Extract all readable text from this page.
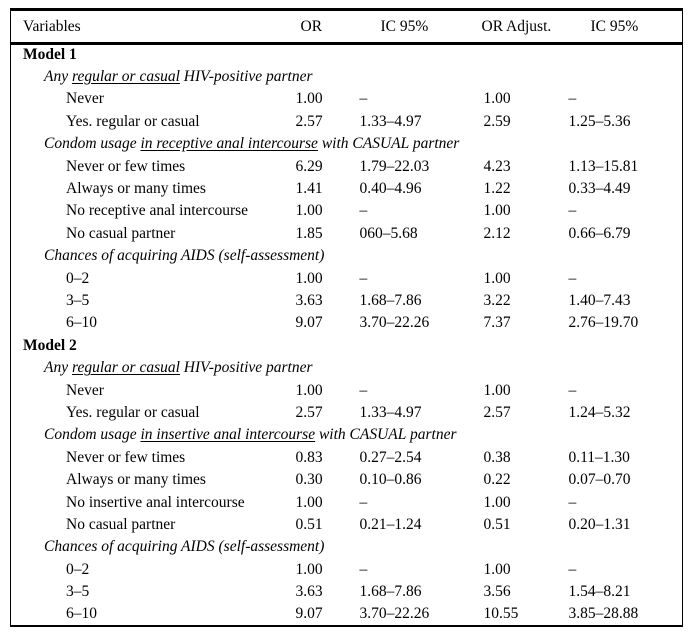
Variables	OR	IC 95%	OR Adjust.	IC 95%
Model 1				
Any regular or casual HIV-positive partner				
Never	1.00	–	1.00	–
Yes. regular or casual	2.57	1.33–4.97	2.59	1.25–5.36
Condom usage in receptive anal intercourse with CASUAL partner				
Never or few times	6.29	1.79–22.03	4.23	1.13–15.81
Always or many times	1.41	0.40–4.96	1.22	0.33–4.49
No receptive anal intercourse	1.00	–	1.00	–
No casual partner	1.85	060–5.68	2.12	0.66–6.79
Chances of acquiring AIDS (self-assessment)				
0–2	1.00	–	1.00	–
3–5	3.63	1.68–7.86	3.22	1.40–7.43
6–10	9.07	3.70–22.26	7.37	2.76–19.70
Model 2				
Any regular or casual HIV-positive partner				
Never	1.00	–	1.00	–
Yes. regular or casual	2.57	1.33–4.97	2.57	1.24–5.32
Condom usage in insertive anal intercourse with CASUAL partner				
Never or few times	0.83	0.27–2.54	0.38	0.11–1.30
Always or many times	0.30	0.10–0.86	0.22	0.07–0.70
No insertive anal intercourse	1.00	–	1.00	–
No casual partner	0.51	0.21–1.24	0.51	0.20–1.31
Chances of acquiring AIDS (self-assessment)				
0–2	1.00	–	1.00	–
3–5	3.63	1.68–7.86	3.56	1.54–8.21
6–10	9.07	3.70–22.26	10.55	3.85–28.88
